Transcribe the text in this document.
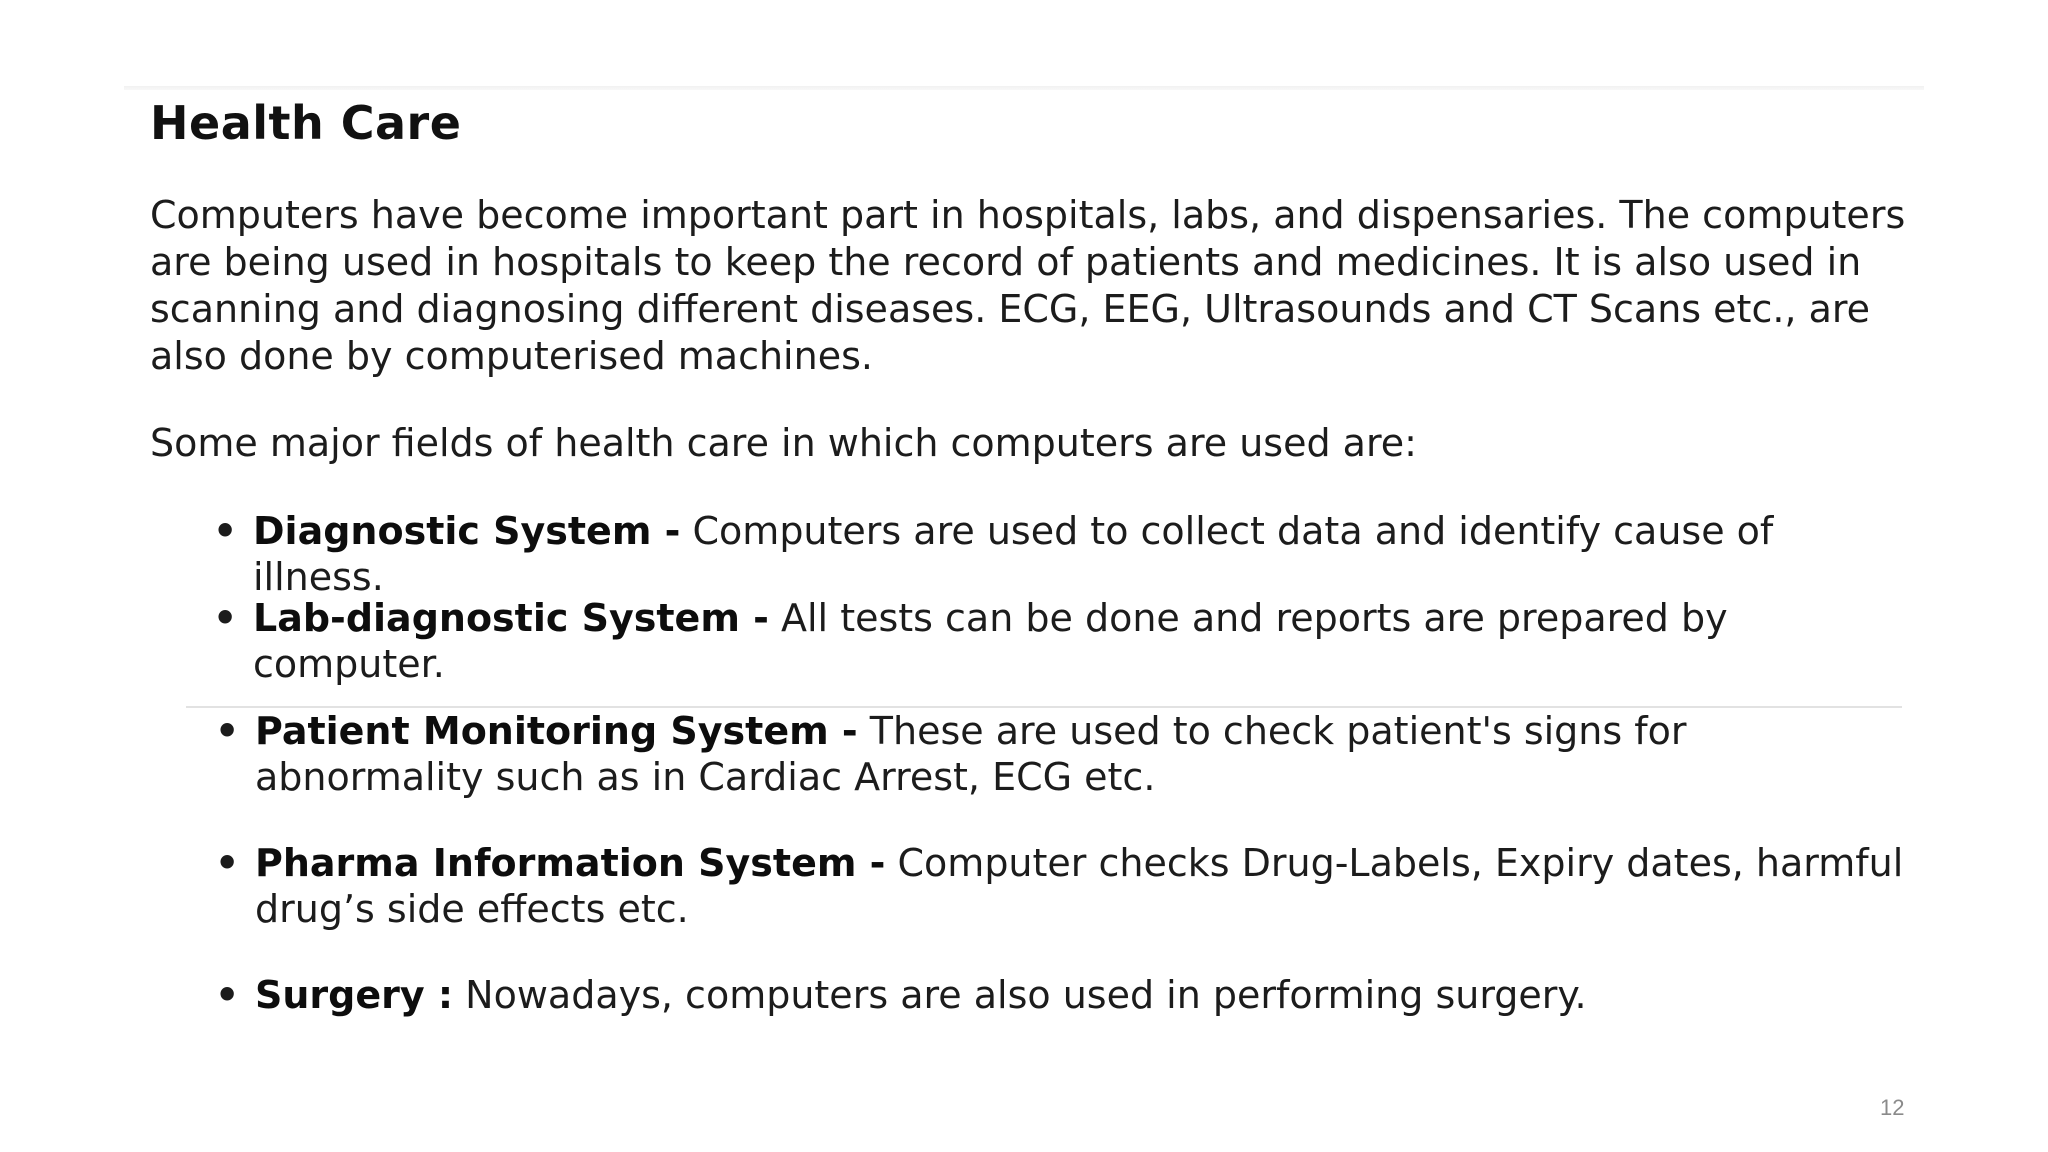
Health Care

Computers have become important part in hospitals, labs, and dispensaries. The computers are being used in hospitals to keep the record of patients and medicines. It is also used in scanning and diagnosing different diseases. ECG, EEG, Ultrasounds and CT Scans etc., are also done by computerised machines.

Some major fields of health care in which computers are used are:

• Diagnostic System - Computers are used to collect data and identify cause of illness.
• Lab-diagnostic System - All tests can be done and reports are prepared by computer.
• Patient Monitoring System - These are used to check patient's signs for abnormality such as in Cardiac Arrest, ECG etc.
• Pharma Information System - Computer checks Drug-Labels, Expiry dates, harmful drug’s side effects etc.
• Surgery : Nowadays, computers are also used in performing surgery.
12
